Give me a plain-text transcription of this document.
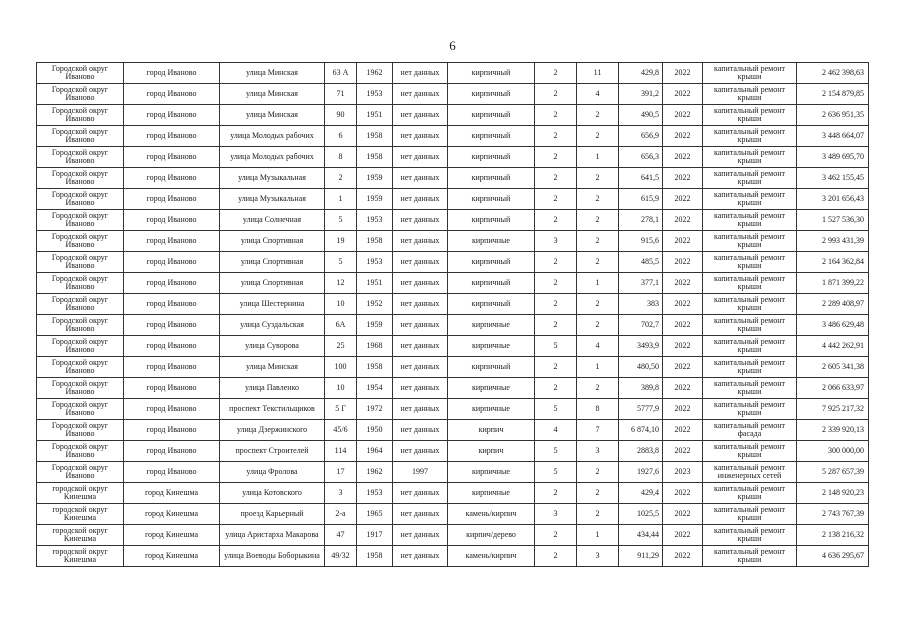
6
Городской округ Иваново	город Иваново	улица Минская	63 А	1962	нет данных	кирпичный	2	11	429,8	2022	капитальный ремонт крыши	2 462 398,63
Городской округ Иваново	город Иваново	улица Минская	71	1953	нет данных	кирпичный	2	4	391,2	2022	капитальный ремонт крыши	2 154 879,85
Городской округ Иваново	город Иваново	улица Минская	90	1951	нет данных	кирпичный	2	2	490,5	2022	капитальный ремонт крыши	2 636 951,35
Городской округ Иваново	город Иваново	улица Молодых рабочих	6	1958	нет данных	кирпичный	2	2	656,9	2022	капитальный ремонт крыши	3 448 664,07
Городской округ Иваново	город Иваново	улица Молодых рабочих	8	1958	нет данных	кирпичный	2	1	656,3	2022	капитальный ремонт крыши	3 489 695,70
Городской округ Иваново	город Иваново	улица Музыкальная	2	1959	нет данных	кирпичный	2	2	641,5	2022	капитальный ремонт крыши	3 462 155,45
Городской округ Иваново	город Иваново	улица Музыкальная	1	1959	нет данных	кирпичный	2	2	615,9	2022	капитальный ремонт крыши	3 201 656,43
Городской округ Иваново	город Иваново	улица Солнечная	5	1953	нет данных	кирпичный	2	2	278,1	2022	капитальный ремонт крыши	1 527 536,30
Городской округ Иваново	город Иваново	улица Спортивная	19	1958	нет данных	кирпичные	3	2	915,6	2022	капитальный ремонт крыши	2 993 431,39
Городской округ Иваново	город Иваново	улица Спортивная	5	1953	нет данных	кирпичный	2	2	485,5	2022	капитальный ремонт крыши	2 164 362,84
Городской округ Иваново	город Иваново	улица Спортивная	12	1951	нет данных	кирпичный	2	1	377,1	2022	капитальный ремонт крыши	1 871 399,22
Городской округ Иваново	город Иваново	улица Шестернина	10	1952	нет данных	кирпичный	2	2	383	2022	капитальный ремонт крыши	2 289 408,97
Городской округ Иваново	город Иваново	улица Суздальская	6А	1959	нет данных	кирпичные	2	2	702,7	2022	капитальный ремонт крыши	3 486 629,48
Городской округ Иваново	город Иваново	улица Суворова	25	1968	нет данных	кирпичные	5	4	3493,9	2022	капитальный ремонт крыши	4 442 262,91
Городской округ Иваново	город Иваново	улица Минская	100	1958	нет данных	кирпичный	2	1	480,50	2022	капитальный ремонт крыши	2 605 341,38
Городской округ Иваново	город Иваново	улица Павленко	10	1954	нет данных	кирпичные	2	2	389,8	2022	капитальный ремонт крыши	2 066 633,97
Городской округ Иваново	город Иваново	проспект Текстильщиков	5 Г	1972	нет данных	кирпичные	5	8	5777,9	2022	капитальный ремонт крыши	7 925 217,32
Городской округ Иваново	город Иваново	улица Дзержинского	45/6	1950	нет данных	кирпич	4	7	6 874,10	2022	капитальный ремонт фасада	2 339 920,13
Городской округ Иваново	город Иваново	проспект Строителей	114	1964	нет данных	кирпич	5	3	2883,8	2022	капитальный ремонт крыши	300 000,00
Городской округ Иваново	город Иваново	улица Фролова	17	1962	1997	кирпичные	5	2	1927,6	2023	капитальный ремонт инженерных сетей	5 287 657,39
городской округ Кинешма	город Кинешма	улица Котовского	3	1953	нет данных	кирпичные	2	2	429,4	2022	капитальный ремонт крыши	2 148 920,23
городской округ Кинешма	город Кинешма	проезд Карьерный	2-а	1965	нет данных	камень/кирпич	3	2	1025,5	2022	капитальный ремонт крыши	2 743 767,39
городской округ Кинешма	город Кинешма	улица Аристарха Макарова	47	1917	нет данных	кирпич/дерево	2	1	434,44	2022	капитальный ремонт крыши	2 138 216,32
городской округ Кинешма	город Кинешма	улица Воеводы Боборыкина	49/32	1958	нет данных	камень/кирпич	2	3	911,29	2022	капитальный ремонт крыши	4 636 295,67
